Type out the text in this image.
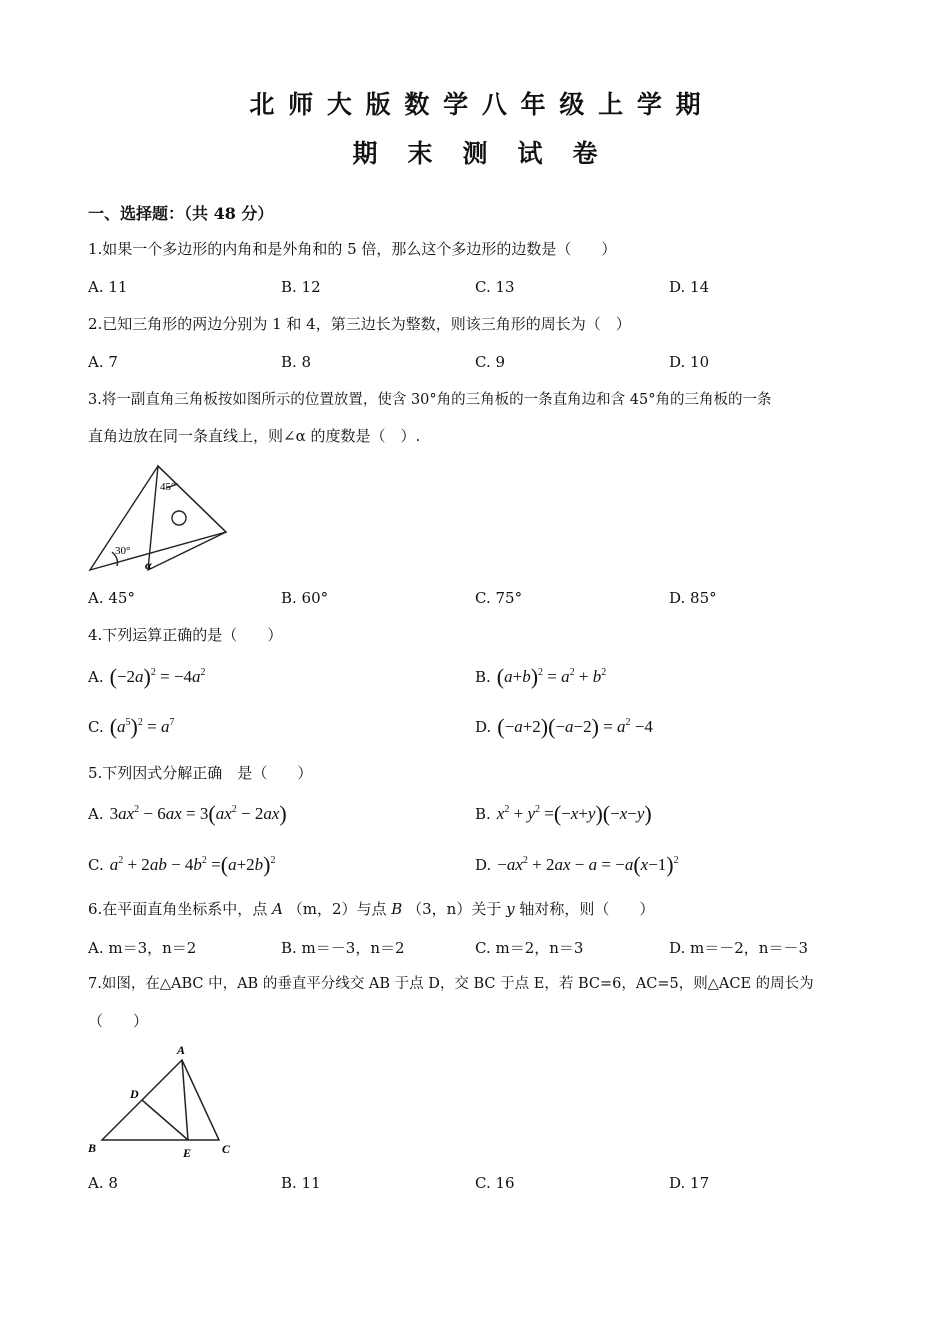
北师大版数学八年级上学期
期末测试卷
一、选择题：（共 48 分）
1.如果一个多边形的内角和是外角和的 5 倍，那么这个多边形的边数是（　　）
A. 11	B. 12	C. 13	D. 14
2.已知三角形的两边分别为 1 和 4，第三边长为整数，则该三角形的周长为（　）
A. 7	B. 8	C. 9	D. 10
3.将一副直角三角板按如图所示的位置放置，使含 30°角的三角板的一条直角边和含 45°角的三角板的一条
直角边放在同一条直线上，则∠α 的度数是（　）.
45°
30°
α
A. 45°	B. 60°	C. 75°	D. 85°
4.下列运算正确的是（　　）
A. $(-2a)^2 = -4a^2$	B. $(a+b)^2 = a^2 + b^2$
C. $(a^5)^2 = a^7$	D. $(-a+2)(-a-2) = a^2 -4$
5.下列因式分解正确　是（　　）
A. $3ax^2 - 6ax = 3(ax^2 - 2ax)$	B. $x^2 + y^2 =(-x+y)(-x-y)$
C. $a^2 + 2ab - 4b^2 =(a+2b)^2$	D. $-ax^2 + 2ax - a = -a(x-1)^2$
6.在平面直角坐标系中，点 A （m，2）与点 B （3，n）关于 y 轴对称，则（　　）
A. m＝3，n＝2	B. m＝－3，n＝2	C. m＝2，n＝3	D. m＝－2，n＝－3
7.如图，在△ABC 中，AB 的垂直平分线交 AB 于点 D，交 BC 于点 E，若 BC=6，AC=5，则△ACE 的周长为
（　　）
A
B	C
D
E
A. 8	B. 11	C. 16	D. 17
